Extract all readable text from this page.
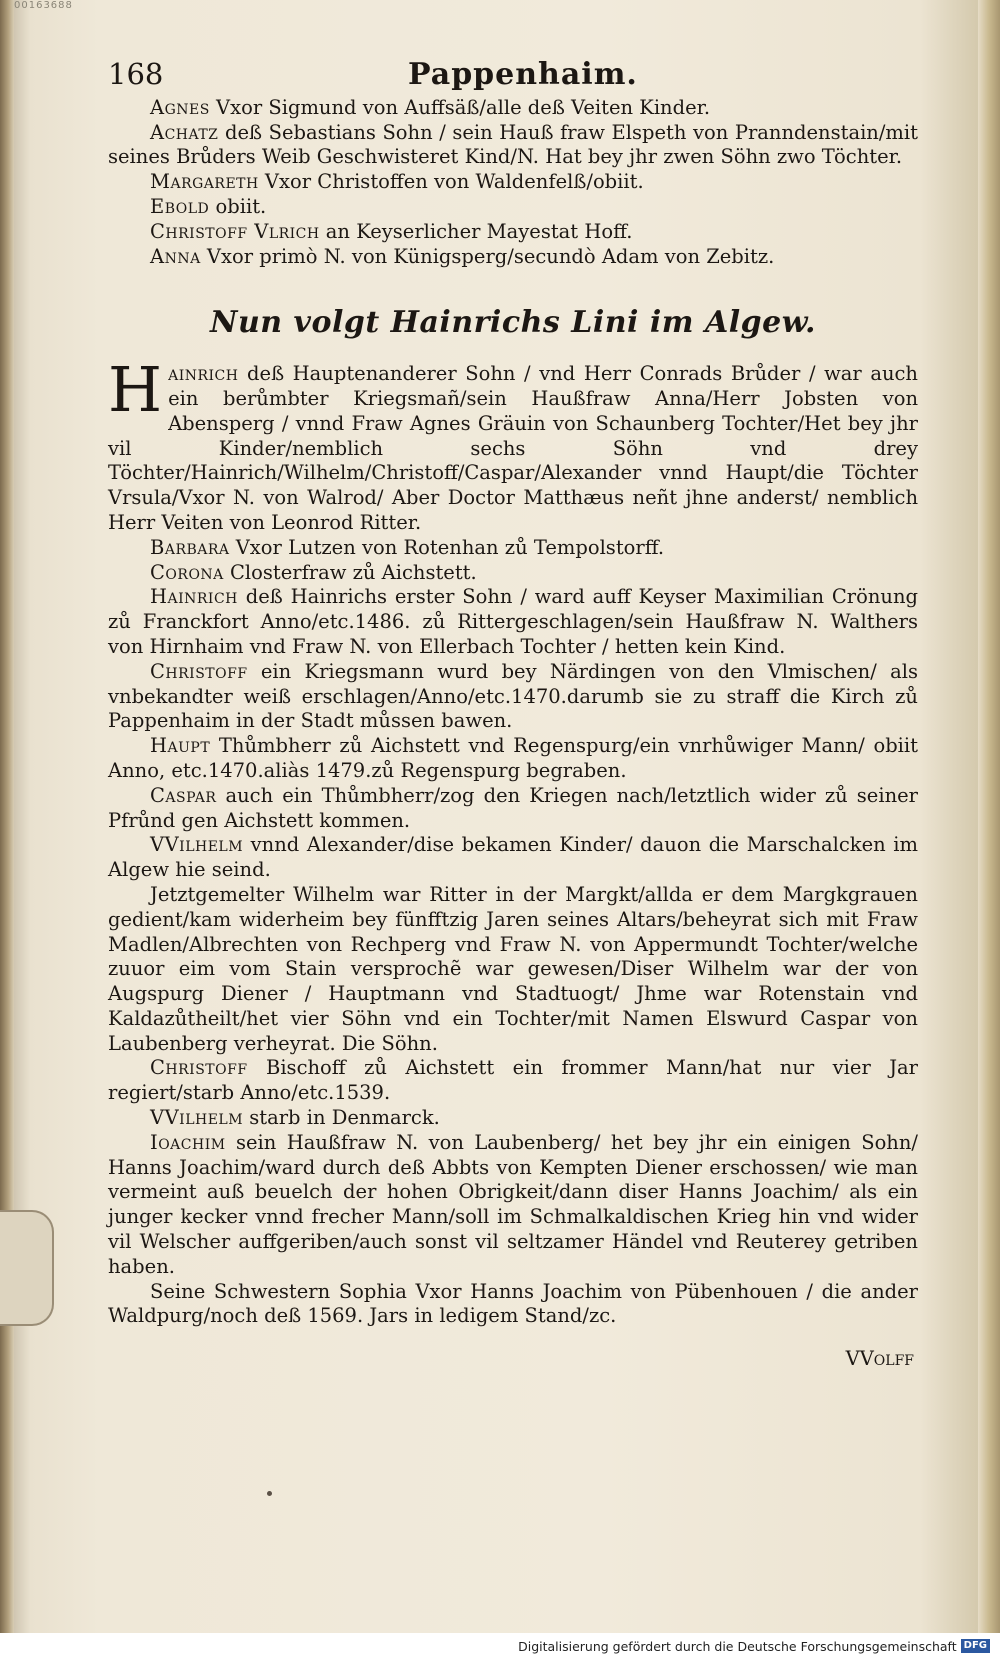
00163688
168	Pappenhaim.

Agnes Vxor Sigmund von Auffsäß/alle deß Veiten Kinder.

Achatz deß Sebastians Sohn / sein Hauß fraw Elspeth von Pranndenstain/mit seines Brůders Weib Geschwisteret Kind/N. Hat bey jhr zwen Söhn zwo Töchter.

Margareth Vxor Christoffen von Waldenfelß/obiit.

Ebold obiit.

Christoff Vlrich an Keyserlicher Mayestat Hoff.

Anna Vxor primò N. von Künigsperg/secundò Adam von Zebitz.

Nun volgt Hainrichs Lini im Algew.

Hainrich deß Hauptenanderer Sohn / vnd Herr Conrads Brůder / war auch ein berůmbter Kriegsmañ/sein Haußfraw Anna/Herr Jobsten von Abensperg / vnnd Fraw Agnes Gräuin von Schaunberg Tochter/Het bey jhr vil Kinder/nemblich sechs Söhn vnd drey Töchter/Hainrich/Wilhelm/Christoff/Caspar/Alexander vnnd Haupt/die Töchter Vrsula/Vxor N. von Walrod/ Aber Doctor Matthæus neñt jhne anderst/ nemblich Herr Veiten von Leonrod Ritter.

Barbara Vxor Lutzen von Rotenhan zů Tempolstorff.

Corona Closterfraw zů Aichstett.

Hainrich deß Hainrichs erster Sohn / ward auff Keyser Maximilian Crönung zů Franckfort Anno/etc.1486. zů Rittergeschlagen/sein Haußfraw N. Walthers von Hirnhaim vnd Fraw N. von Ellerbach Tochter / hetten kein Kind.

Christoff ein Kriegsmann wurd bey Närdingen von den Vlmischen/ als vnbekandter weiß erschlagen/Anno/etc.1470.darumb sie zu straff die Kirch zů Pappenhaim in der Stadt můssen bawen.

Haupt Thůmbherr zů Aichstett vnd Regenspurg/ein vnrhůwiger Mann/ obiit Anno, etc.1470.aliàs 1479.zů Regenspurg begraben.

Caspar auch ein Thůmbherr/zog den Kriegen nach/letztlich wider zů seiner Pfrůnd gen Aichstett kommen.

VVilhelm vnnd Alexander/dise bekamen Kinder/ dauon die Marschalcken im Algew hie seind.

Jetztgemelter Wilhelm war Ritter in der Margkt/allda er dem Margkgrauen gedient/kam widerheim bey fünfftzig Jaren seines Altars/beheyrat sich mit Fraw Madlen/Albrechten von Rechperg vnd Fraw N. von Appermundt Tochter/welche zuuor eim vom Stain versprochẽ war gewesen/Diser Wilhelm war der von Augspurg Diener / Hauptmann vnd Stadtuogt/ Jhme war Rotenstain vnd Kaldazůtheilt/het vier Söhn vnd ein Tochter/mit Namen Elswurd Caspar von Laubenberg verheyrat. Die Söhn.

Christoff Bischoff zů Aichstett ein frommer Mann/hat nur vier Jar regiert/starb Anno/etc.1539.

VVilhelm starb in Denmarck.

Ioachim sein Haußfraw N. von Laubenberg/ het bey jhr ein einigen Sohn/ Hanns Joachim/ward durch deß Abbts von Kempten Diener erschossen/ wie man vermeint auß beuelch der hohen Obrigkeit/dann diser Hanns Joachim/ als ein junger kecker vnnd frecher Mann/soll im Schmalkaldischen Krieg hin vnd wider vil Welscher auffgeriben/auch sonst vil seltzamer Händel vnd Reuterey getriben haben.

Seine Schwestern Sophia Vxor Hanns Joachim von Pübenhouen / die ander Waldpurg/noch deß 1569. Jars in ledigem Stand/zc.

VVolff

Digitalisierung gefördert durch die Deutsche Forschungsgemeinschaft DFG
